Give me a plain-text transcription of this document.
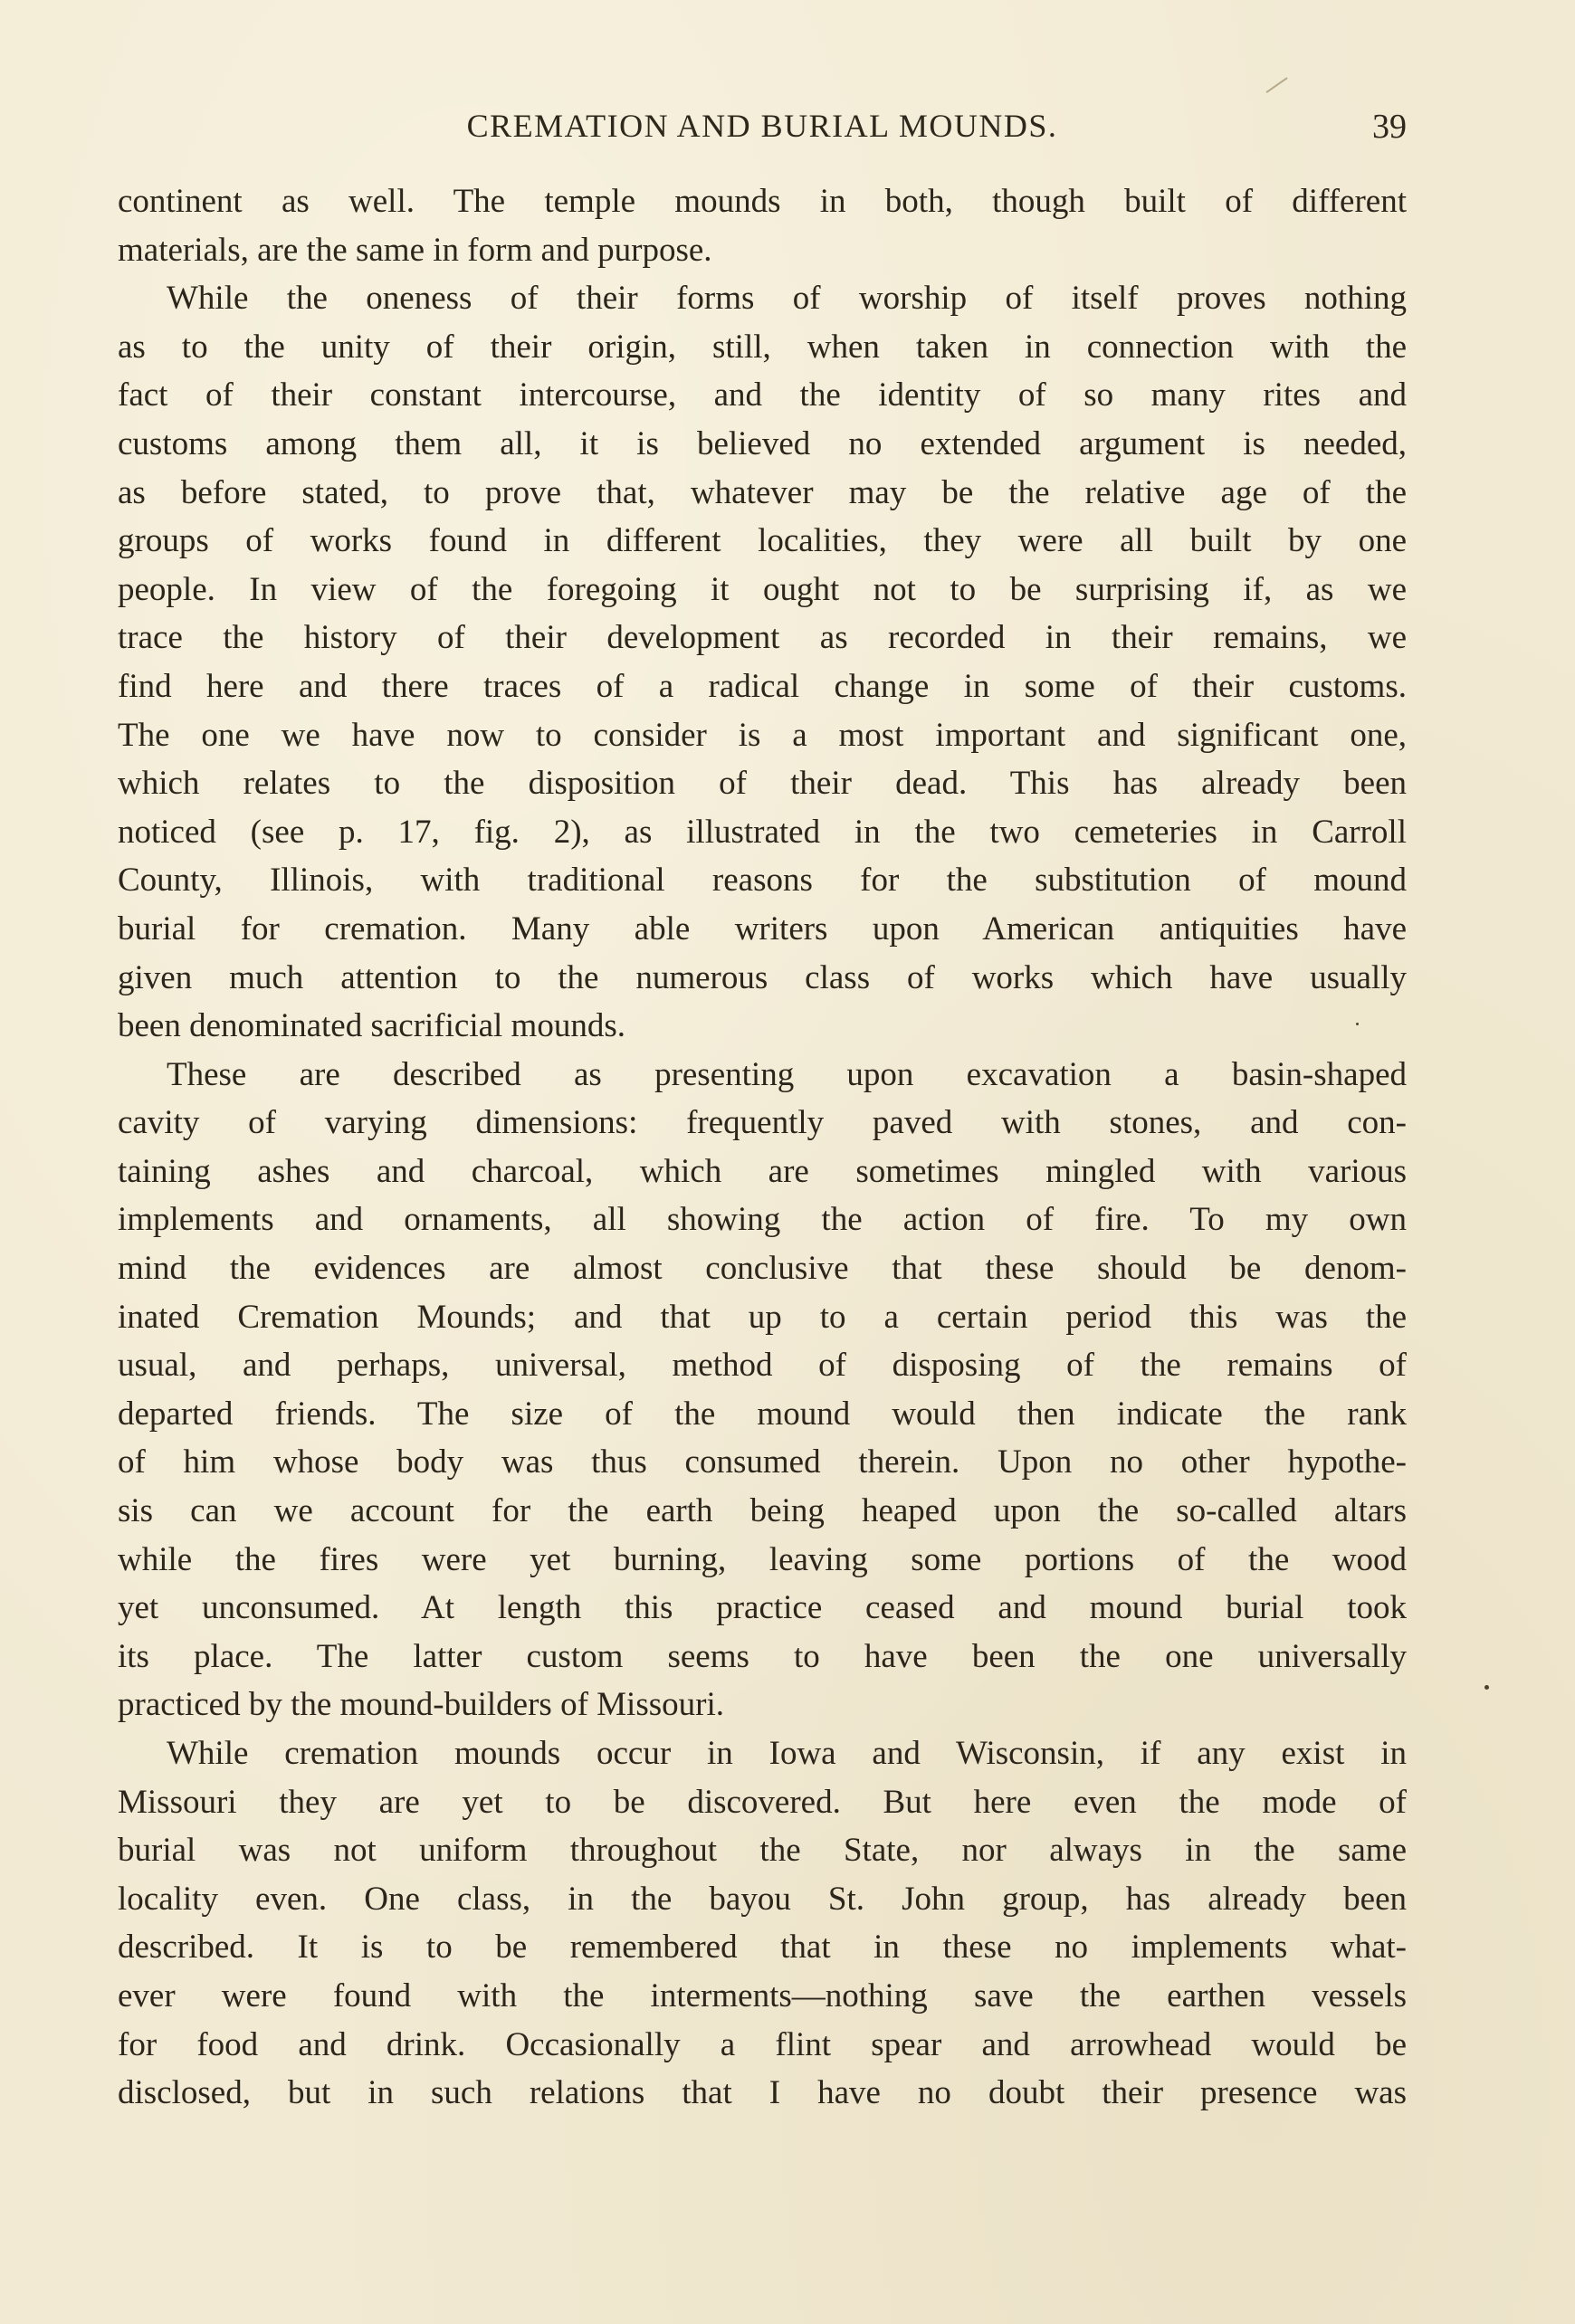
CREMATION AND BURIAL MOUNDS.	39
continent as well. The temple mounds in both, though built of different
materials, are the same in form and purpose.
While the oneness of their forms of worship of itself proves nothing
as to the unity of their origin, still, when taken in connection with the
fact of their constant intercourse, and the identity of so many rites and
customs among them all, it is believed no extended argument is needed,
as before stated, to prove that, whatever may be the relative age of the
groups of works found in different localities, they were all built by one
people. In view of the foregoing it ought not to be surprising if, as we
trace the history of their development as recorded in their remains, we
find here and there traces of a radical change in some of their customs.
The one we have now to consider is a most important and significant one,
which relates to the disposition of their dead. This has already been
noticed (see p. 17, fig. 2), as illustrated in the two cemeteries in Carroll
County, Illinois, with traditional reasons for the substitution of mound
burial for cremation. Many able writers upon American antiquities have
given much attention to the numerous class of works which have usually
been denominated sacrificial mounds.
These are described as presenting upon excavation a basin-shaped
cavity of varying dimensions: frequently paved with stones, and con-
taining ashes and charcoal, which are sometimes mingled with various
implements and ornaments, all showing the action of fire. To my own
mind the evidences are almost conclusive that these should be denom-
inated Cremation Mounds; and that up to a certain period this was the
usual, and perhaps, universal, method of disposing of the remains of
departed friends. The size of the mound would then indicate the rank
of him whose body was thus consumed therein. Upon no other hypothe-
sis can we account for the earth being heaped upon the so-called altars
while the fires were yet burning, leaving some portions of the wood
yet unconsumed. At length this practice ceased and mound burial took
its place. The latter custom seems to have been the one universally
practiced by the mound-builders of Missouri.
While cremation mounds occur in Iowa and Wisconsin, if any exist in
Missouri they are yet to be discovered. But here even the mode of
burial was not uniform throughout the State, nor always in the same
locality even. One class, in the bayou St. John group, has already been
described. It is to be remembered that in these no implements what-
ever were found with the interments—nothing save the earthen vessels
for food and drink. Occasionally a flint spear and arrowhead would be
disclosed, but in such relations that I have no doubt their presence was
